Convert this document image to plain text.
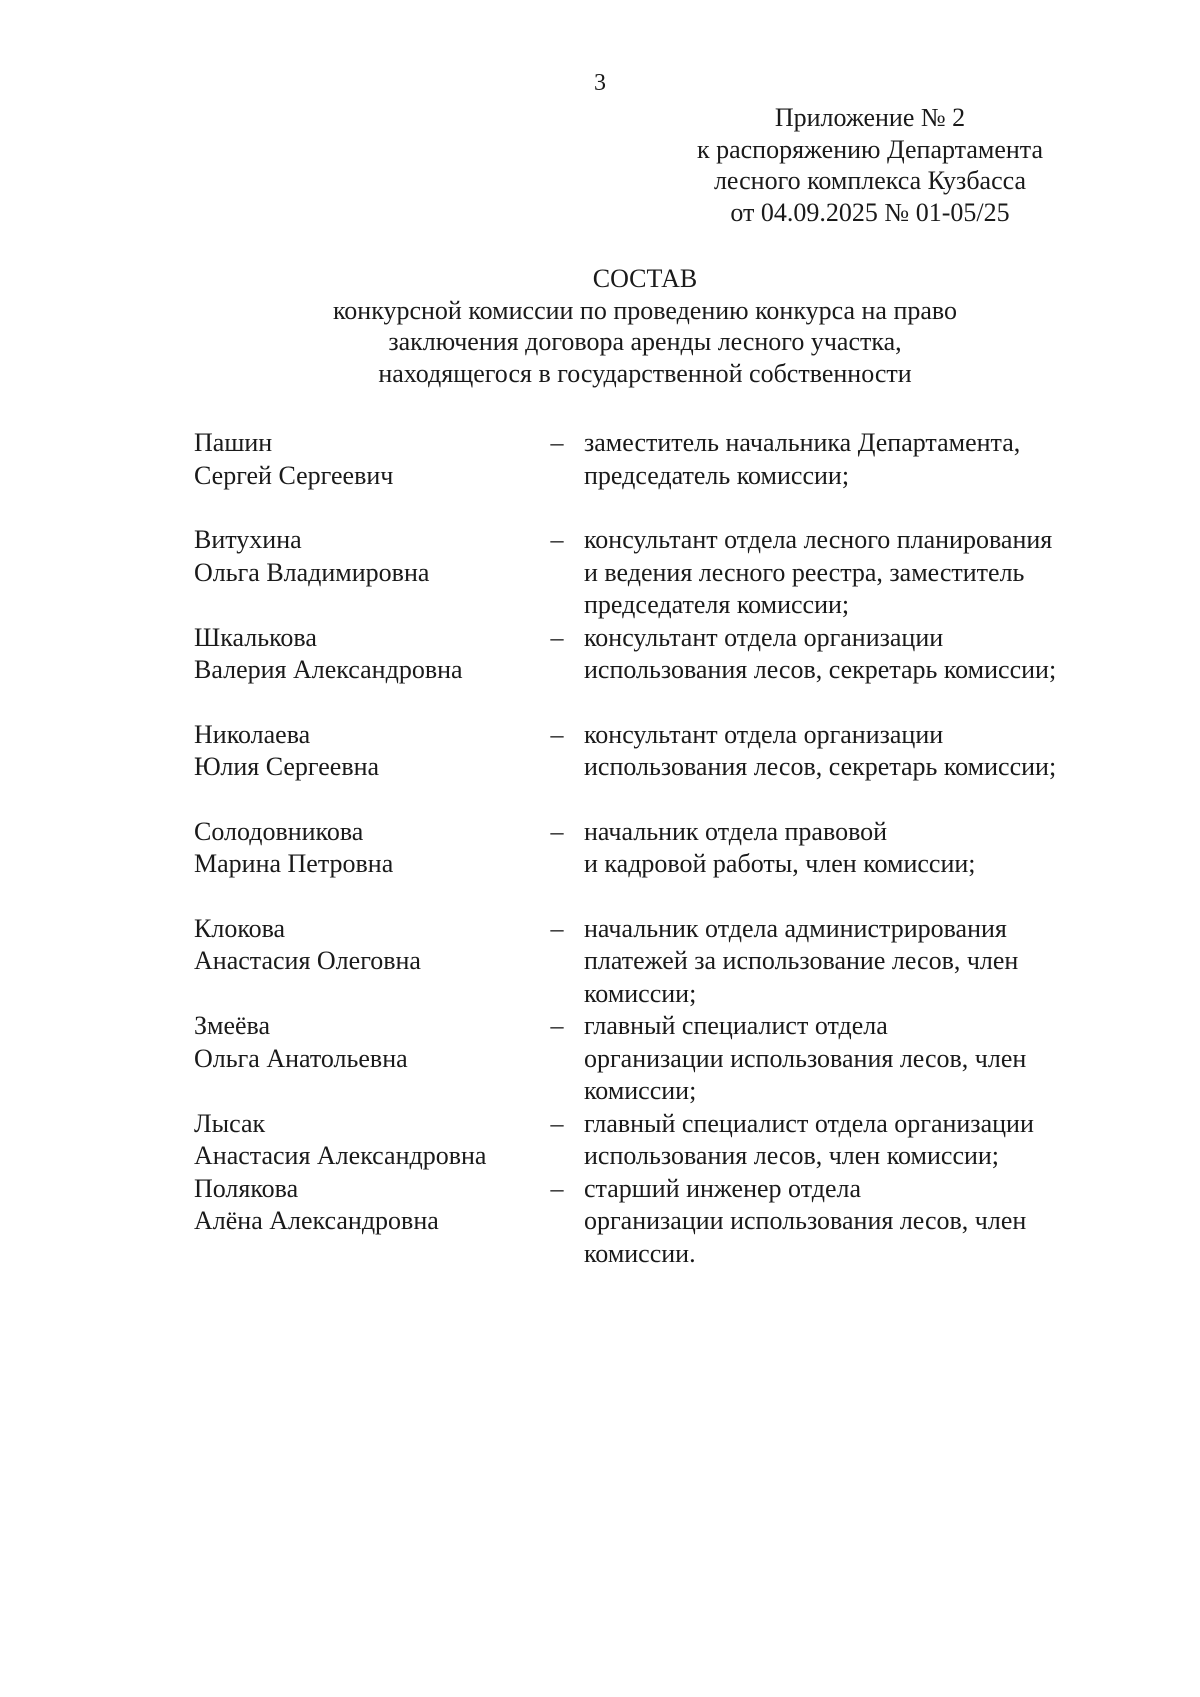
3
Приложение № 2
к распоряжению Департамента
лесного комплекса Кузбасса
от 04.09.2025 № 01-05/25
СОСТАВ
конкурсной комиссии по проведению конкурса на право
заключения договора аренды лесного участка,
находящегося в государственной собственности
Пашин
Сергей Сергеевич
– заместитель начальника Департамента,
председатель комиссии;
Витухина
Ольга Владимировна
– консультант отдела лесного планирования
и ведения лесного реестра, заместитель
председателя комиссии;
Шкалькова
Валерия Александровна
– консультант отдела организации
использования лесов, секретарь комиссии;
Николаева
Юлия Сергеевна
– консультант отдела организации
использования лесов, секретарь комиссии;
Солодовникова
Марина Петровна
– начальник отдела правовой
и кадровой работы, член комиссии;
Клокова
Анастасия Олеговна
– начальник отдела администрирования
платежей за использование лесов, член
комиссии;
Змеёва
Ольга Анатольевна
– главный специалист отдела
организации использования лесов, член
комиссии;
Лысак
Анастасия Александровна
– главный специалист отдела организации
использования лесов, член комиссии;
Полякова
Алёна Александровна
– старший инженер отдела
организации использования лесов, член
комиссии.
